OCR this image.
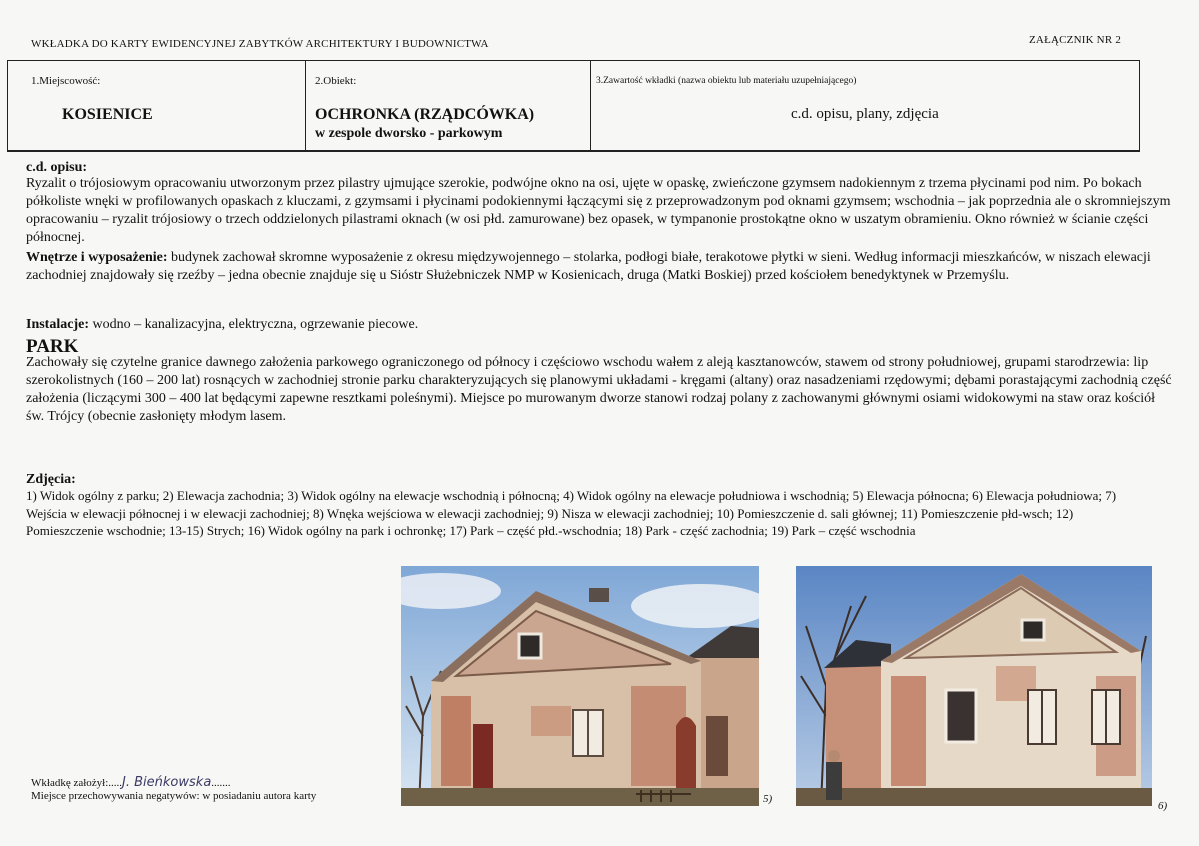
WKŁADKA DO KARTY EWIDENCYJNEJ ZABYTKÓW ARCHITEKTURY I BUDOWNICTWA	ZAŁĄCZNIK NR 2
1.Miejscowość:
KOSIENICE
2.Obiekt:
OCHRONKA (RZĄDCÓWKA)
w zespole dworsko - parkowym
3.Zawartość wkładki (nazwa obiektu lub materiału uzupełniającego)
c.d. opisu, plany, zdjęcia
c.d. opisu:

Ryzalit o trójosiowym opracowaniu utworzonym przez pilastry ujmujące szerokie, podwójne okno na osi, ujęte w opaskę, zwieńczone gzymsem nadokiennym z trzema płycinami pod nim. Po bokach półkoliste wnęki w profilowanych opaskach z kluczami, z gzymsami i płycinami podokiennymi łączącymi się z przeprowadzonym pod oknami gzymsem; wschodnia – jak poprzednia ale o skromniejszym opracowaniu – ryzalit trójosiowy o trzech oddzielonych pilastrami oknach (w osi płd. zamurowane) bez opasek, w tympanonie prostokątne okno w uszatym obramieniu. Okno również w ścianie części północnej.

Wnętrze i wyposażenie: budynek zachował skromne wyposażenie z okresu międzywojennego – stolarka, podłogi białe, terakotowe płytki w sieni. Według informacji mieszkańców, w niszach elewacji zachodniej znajdowały się rzeźby – jedna obecnie znajduje się u Sióstr Służebniczek NMP w Kosienicach, druga (Matki Boskiej) przed kościołem benedyktynek w Przemyślu.

Instalacje: wodno – kanalizacyjna, elektryczna, ogrzewanie piecowe.

PARK

Zachowały się czytelne granice dawnego założenia parkowego ograniczonego od północy i częściowo wschodu wałem z aleją kasztanowców, stawem od strony południowej, grupami starodrzewia: lip szerokolistnych (160 – 200 lat) rosnących w zachodniej stronie parku charakteryzujących się planowymi układami - kręgami (altany) oraz nasadzeniami rzędowymi; dębami porastającymi zachodnią część założenia (liczącymi 300 – 400 lat będącymi zapewne resztkami poleśnymi). Miejsce po murowanym dworze stanowi rodzaj polany z zachowanymi głównymi osiami widokowymi na staw oraz kościół św. Trójcy (obecnie zasłonięty młodym lasem.

Zdjęcia:

1) Widok ogólny z parku; 2) Elewacja zachodnia; 3) Widok ogólny na elewacje wschodnią i północną; 4) Widok ogólny na elewacje południowa i wschodnią; 5) Elewacja północna; 6) Elewacja południowa; 7) Wejścia w elewacji północnej i w elewacji zachodniej; 8) Wnęka wejściowa w elewacji zachodniej; 9) Nisza w elewacji zachodniej; 10) Pomieszczenie d. sali głównej; 11) Pomieszczenie płd-wsch; 12) Pomieszczenie wschodnie; 13-15) Strych; 16) Widok ogólny na park i ochronkę; 17) Park – część płd.-wschodnia; 18) Park - część zachodnia; 19) Park – część wschodnia

5)
6)
Wkładkę założył:.....J. Bieńkowska.......
Miejsce przechowywania negatywów: w posiadaniu autora karty
